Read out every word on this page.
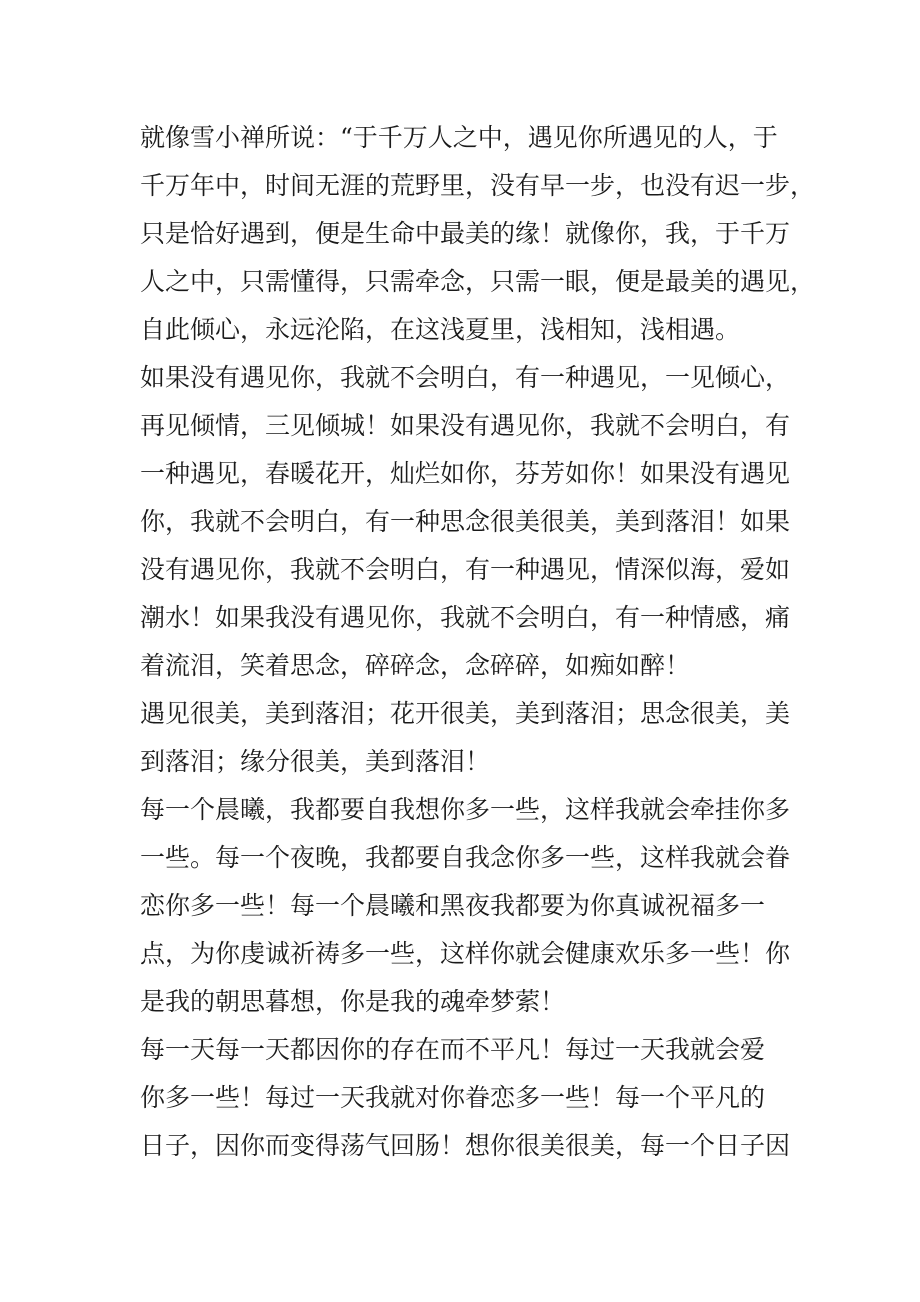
就像雪小禅所说：“于千万人之中，遇见你所遇见的人，于
千万年中，时间无涯的荒野里，没有早一步，也没有迟一步，
只是恰好遇到，便是生命中最美的缘！就像你，我，于千万
人之中，只需懂得，只需牵念，只需一眼，便是最美的遇见，
自此倾心，永远沦陷，在这浅夏里，浅相知，浅相遇。
如果没有遇见你，我就不会明白，有一种遇见，一见倾心，
再见倾情，三见倾城！如果没有遇见你，我就不会明白，有
一种遇见，春暖花开，灿烂如你，芬芳如你！如果没有遇见
你，我就不会明白，有一种思念很美很美，美到落泪！如果
没有遇见你，我就不会明白，有一种遇见，情深似海，爱如
潮水！如果我没有遇见你，我就不会明白，有一种情感，痛
着流泪，笑着思念，碎碎念，念碎碎，如痴如醉！
遇见很美，美到落泪；花开很美，美到落泪；思念很美，美
到落泪；缘分很美，美到落泪！
每一个晨曦，我都要自我想你多一些，这样我就会牵挂你多
一些。每一个夜晚，我都要自我念你多一些，这样我就会眷
恋你多一些！每一个晨曦和黑夜我都要为你真诚祝福多一
点，为你虔诚祈祷多一些，这样你就会健康欢乐多一些！你
是我的朝思暮想，你是我的魂牵梦萦！
每一天每一天都因你的存在而不平凡！每过一天我就会爱
你多一些！每过一天我就对你眷恋多一些！每一个平凡的
日子，因你而变得荡气回肠！想你很美很美，每一个日子因
